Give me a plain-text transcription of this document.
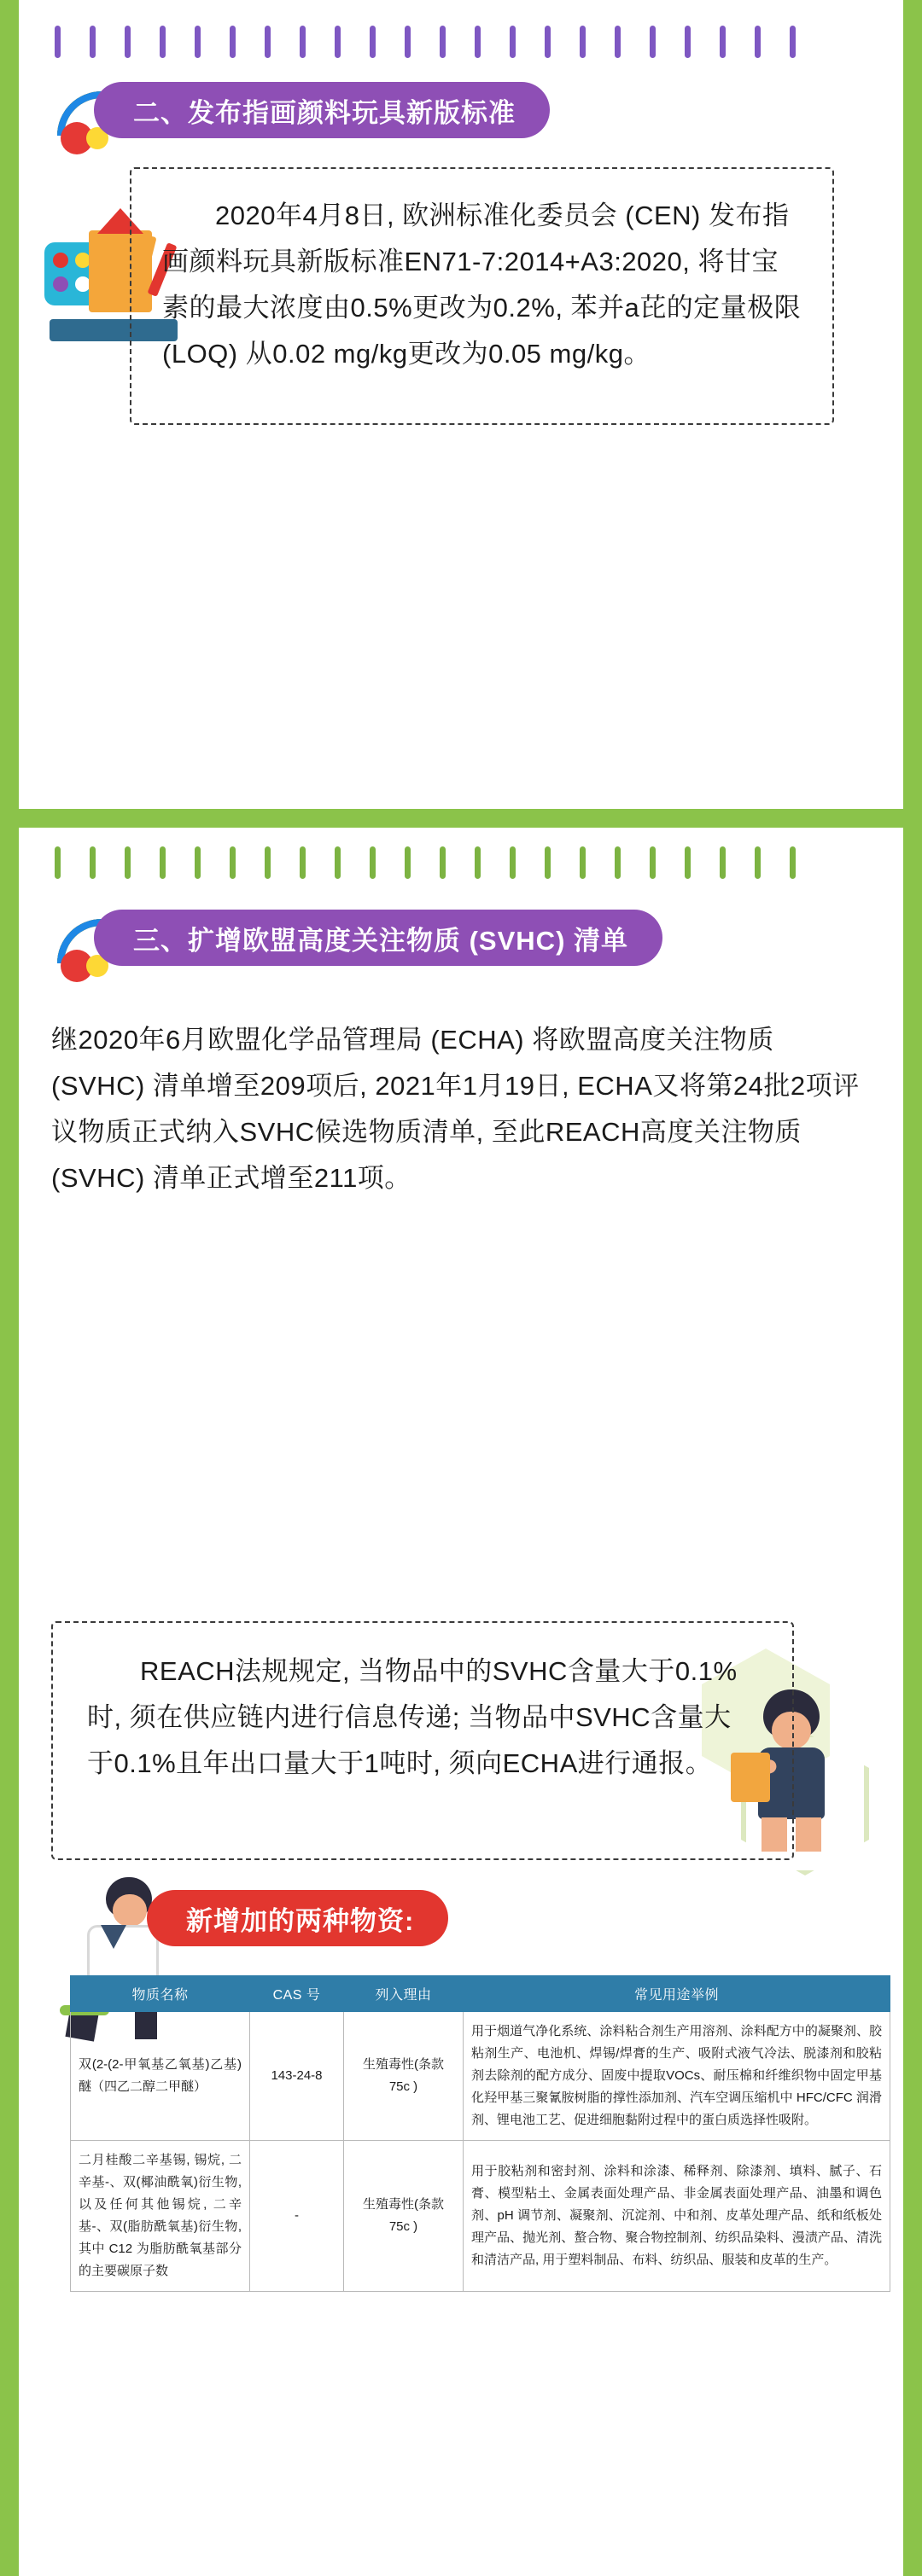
二、发布指画颜料玩具新版标准
2020年4月8日, 欧洲标准化委员会 (CEN) 发布指画颜料玩具新版标准EN71-7:2014+A3:2020, 将甘宝素的最大浓度由0.5%更改为0.2%, 苯并a芘的定量极限 (LOQ) 从0.02 mg/kg更改为0.05 mg/kg。
三、扩增欧盟高度关注物质 (SVHC) 清单
继2020年6月欧盟化学品管理局 (ECHA) 将欧盟高度关注物质 (SVHC) 清单增至209项后, 2021年1月19日, ECHA又将第24批2项评议物质正式纳入SVHC候选物质清单, 至此REACH高度关注物质 (SVHC) 清单正式增至211项。
REACH法规规定, 当物品中的SVHC含量大于0.1%时, 须在供应链内进行信息传递; 当物品中SVHC含量大于0.1%且年出口量大于1吨时, 须向ECHA进行通报。
新增加的两种物资:
物质名称	CAS 号	列入理由	常见用途举例
双(2-(2-甲氧基乙氧基)乙基)醚（四乙二醇二甲醚）	143-24-8	生殖毒性(条款 75c )	用于烟道气净化系统、涂料粘合剂生产用溶剂、涂料配方中的凝聚剂、胶粘剂生产、电池机、焊锡/焊膏的生产、吸附式液气冷法、脱漆剂和胶粘剂去除剂的配方成分、固废中提取VOCs、耐压棉和纤维织物中固定甲基化羟甲基三聚氰胺树脂的撑性添加剂、汽车空调压缩机中 HFC/CFC 润滑剂、锂电池工艺、促进细胞黏附过程中的蛋白质选择性吸附。
二月桂酸二辛基锡, 锡烷, 二辛基-、双(椰油酰氧)衍生物, 以及任何其他锡烷, 二辛基-、双(脂肪酰氧基)衍生物, 其中 C12 为脂肪酰氧基部分的主要碳原子数	-	生殖毒性(条款 75c )	用于胶粘剂和密封剂、涂料和涂漆、稀释剂、除漆剂、填料、腻子、石膏、模型粘土、金属表面处理产品、非金属表面处理产品、油墨和调色剂、pH 调节剂、凝聚剂、沉淀剂、中和剂、皮革处理产品、纸和纸板处理产品、抛光剂、螯合物、聚合物控制剂、纺织品染料、漫渍产品、清洗和清洁产品, 用于塑料制品、布料、纺织品、服装和皮革的生产。
